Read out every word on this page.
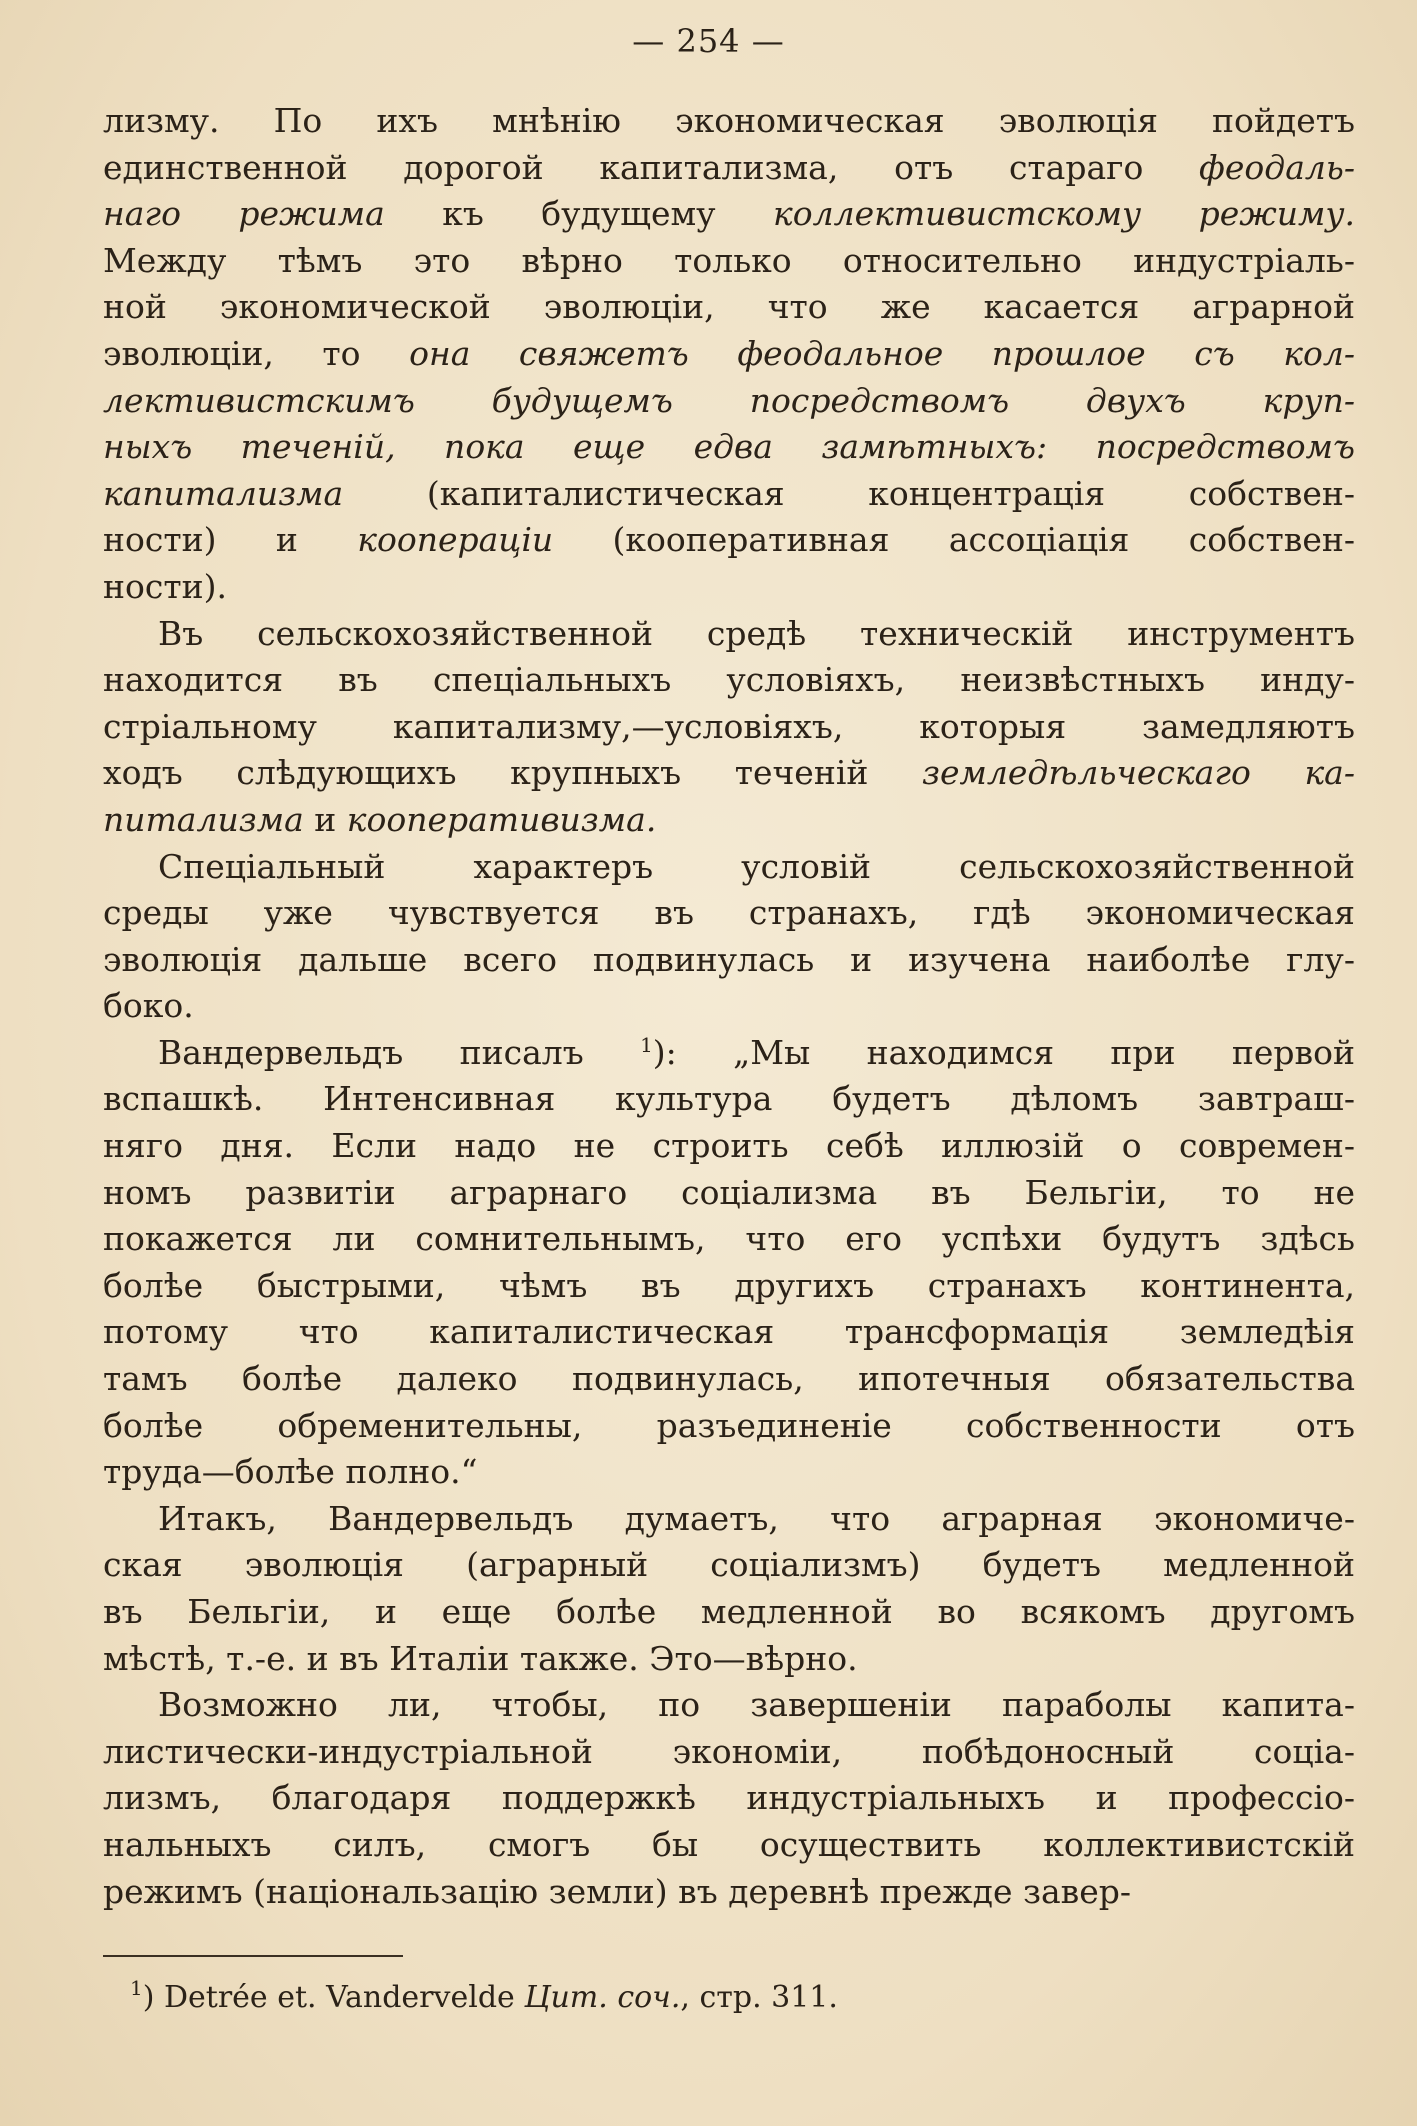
— 254 —
лизму. По ихъ мнѣнію экономическая эволюція пойдетъ
единственной дорогой капитализма, отъ стараго феодаль-
наго режима къ будущему коллективистскому режиму.
Между тѣмъ это вѣрно только относительно индустріаль-
ной экономической эволюціи, что же касается аграрной
эволюціи, то она свяжетъ феодальное прошлое съ кол-
лективистскимъ будущемъ посредствомъ двухъ круп-
ныхъ теченій, пока еще едва замѣтныхъ: посредствомъ
капитализма (капиталистическая концентрація собствен-
ности) и коопераціи (кооперативная ассоціація собствен-
ности).
Въ сельскохозяйственной средѣ техническій инструментъ
находится въ спеціальныхъ условіяхъ, неизвѣстныхъ инду-
стріальному капитализму,—условіяхъ, которыя замедляютъ
ходъ слѣдующихъ крупныхъ теченій земледѣльческаго ка-
питализма и кооперативизма.
Спеціальный характеръ условій сельскохозяйственной
среды уже чувствуется въ странахъ, гдѣ экономическая
эволюція дальше всего подвинулась и изучена наиболѣе глу-
боко.
Вандервельдъ писалъ $^1$): „Мы находимся при первой
вспашкѣ. Интенсивная культура будетъ дѣломъ завтраш-
няго дня. Если надо не строить себѣ иллюзій о современ-
номъ развитіи аграрнаго соціализма въ Бельгіи, то не
покажется ли сомнительнымъ, что его успѣхи будутъ здѣсь
болѣе быстрыми, чѣмъ въ другихъ странахъ континента,
потому что капиталистическая трансформація земледѣія
тамъ болѣе далеко подвинулась, ипотечныя обязательства
болѣе обременительны, разъединеніе собственности отъ
труда—болѣе полно.“
Итакъ, Вандервельдъ думаетъ, что аграрная экономиче-
ская эволюція (аграрный соціализмъ) будетъ медленной
въ Бельгіи, и еще болѣе медленной во всякомъ другомъ
мѣстѣ, т.-е. и въ Италіи также. Это—вѣрно.
Возможно ли, чтобы, по завершеніи параболы капита-
листически-индустріальной экономіи, побѣдоносный соціа-
лизмъ, благодаря поддержкѣ индустріальныхъ и профессіо-
нальныхъ силъ, смогъ бы осуществить коллективистскій
режимъ (національзацію земли) въ деревнѣ прежде завер-
$^1$) Detrée et. Vandervelde Цит. соч., стр. 311.
